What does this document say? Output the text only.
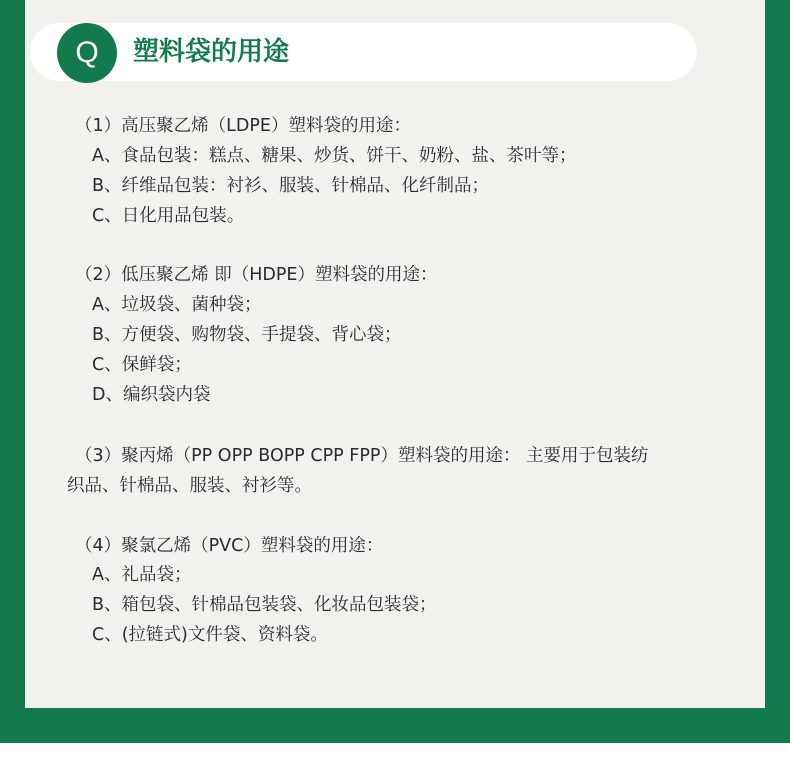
Q	塑料袋的用途
（1）高压聚乙烯（LDPE）塑料袋的用途：
A、食品包装：糕点、糖果、炒货、饼干、奶粉、盐、茶叶等；
B、纤维品包装：衬衫、服装、针棉品、化纤制品；
C、日化用品包装。
（2）低压聚乙烯 即（HDPE）塑料袋的用途：
A、垃圾袋、菌种袋；
B、方便袋、购物袋、手提袋、背心袋；
C、保鲜袋；
D、编织袋内袋
（3）聚丙烯（PP OPP BOPP CPP FPP）塑料袋的用途： 主要用于包装纺
织品、针棉品、服装、衬衫等。
（4）聚氯乙烯（PVC）塑料袋的用途：
A、礼品袋；
B、箱包袋、针棉品包装袋、化妆品包装袋；
C、(拉链式)文件袋、资料袋。
